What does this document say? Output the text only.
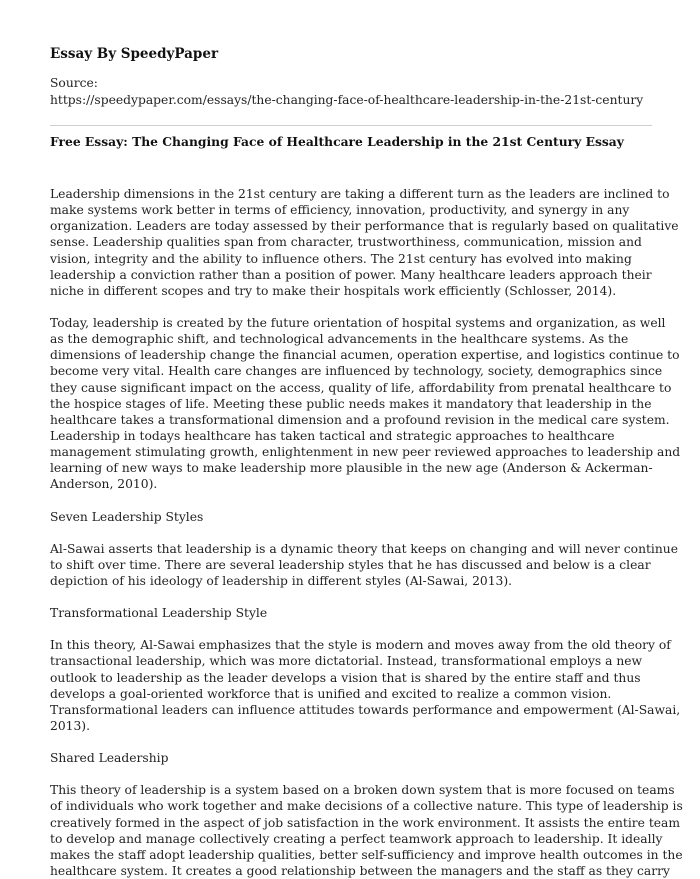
Essay By SpeedyPaper
Source:
https://speedypaper.com/essays/the-changing-face-of-healthcare-leadership-in-the-21st-century
Free Essay: The Changing Face of Healthcare Leadership in the 21st Century Essay
Leadership dimensions in the 21st century are taking a different turn as the leaders are inclined to
make systems work better in terms of efficiency, innovation, productivity, and synergy in any
organization. Leaders are today assessed by their performance that is regularly based on qualitative
sense. Leadership qualities span from character, trustworthiness, communication, mission and
vision, integrity and the ability to influence others. The 21st century has evolved into making
leadership a conviction rather than a position of power. Many healthcare leaders approach their
niche in different scopes and try to make their hospitals work efficiently (Schlosser, 2014).
Today, leadership is created by the future orientation of hospital systems and organization, as well
as the demographic shift, and technological advancements in the healthcare systems. As the
dimensions of leadership change the financial acumen, operation expertise, and logistics continue to
become very vital. Health care changes are influenced by technology, society, demographics since
they cause significant impact on the access, quality of life, affordability from prenatal healthcare to
the hospice stages of life. Meeting these public needs makes it mandatory that leadership in the
healthcare takes a transformational dimension and a profound revision in the medical care system.
Leadership in todays healthcare has taken tactical and strategic approaches to healthcare
management stimulating growth, enlightenment in new peer reviewed approaches to leadership and
learning of new ways to make leadership more plausible in the new age (Anderson & Ackerman-
Anderson, 2010).
Seven Leadership Styles
Al-Sawai asserts that leadership is a dynamic theory that keeps on changing and will never continue
to shift over time. There are several leadership styles that he has discussed and below is a clear
depiction of his ideology of leadership in different styles (Al-Sawai, 2013).
Transformational Leadership Style
In this theory, Al-Sawai emphasizes that the style is modern and moves away from the old theory of
transactional leadership, which was more dictatorial. Instead, transformational employs a new
outlook to leadership as the leader develops a vision that is shared by the entire staff and thus
develops a goal-oriented workforce that is unified and excited to realize a common vision.
Transformational leaders can influence attitudes towards performance and empowerment (Al-Sawai,
2013).
Shared Leadership
This theory of leadership is a system based on a broken down system that is more focused on teams
of individuals who work together and make decisions of a collective nature. This type of leadership is
creatively formed in the aspect of job satisfaction in the work environment. It assists the entire team
to develop and manage collectively creating a perfect teamwork approach to leadership. It ideally
makes the staff adopt leadership qualities, better self-sufficiency and improve health outcomes in the
healthcare system. It creates a good relationship between the managers and the staff as they carry
